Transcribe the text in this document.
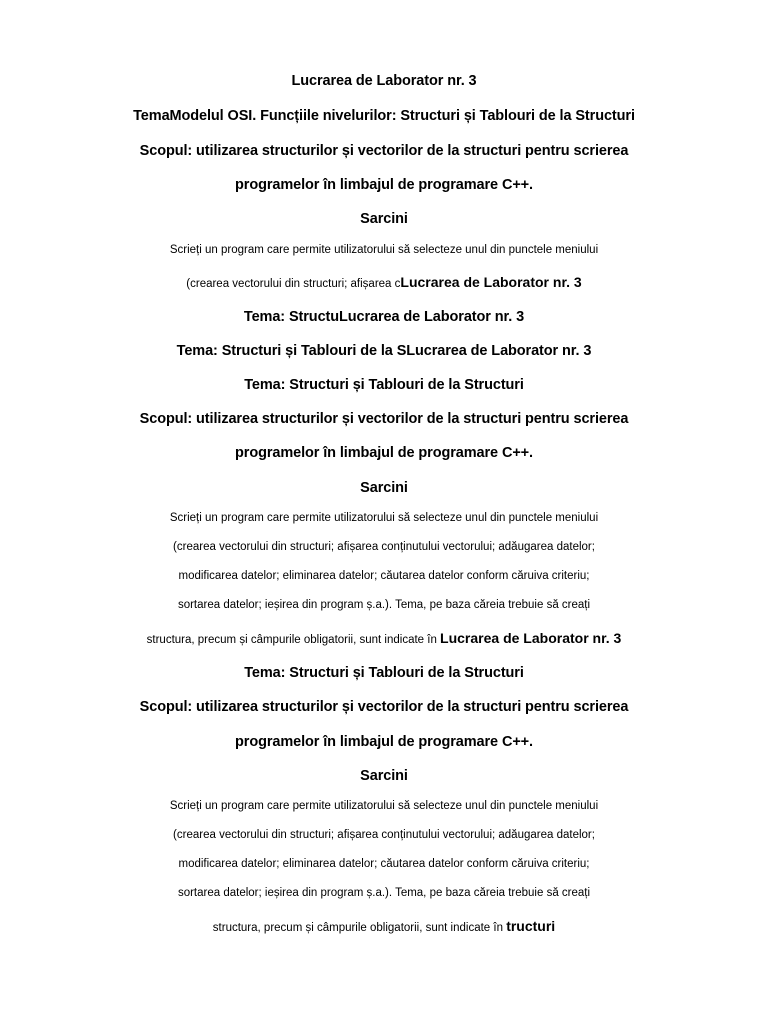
Lucrarea de Laborator nr. 3
TemaModelul OSI. Funcțiile nivelurilor: Structuri și Tablouri de la Structuri
Scopul: utilizarea structurilor și vectorilor de la structuri pentru scrierea
programelor în limbajul de programare C++.
Sarcini
Scrieți un program care permite utilizatorului să selecteze unul din punctele meniului
(crearea vectorului din structuri; afișarea cLucrarea de Laborator nr. 3
Tema: StructuLucrarea de Laborator nr. 3
Tema: Structuri și Tablouri de la SLucrarea de Laborator nr. 3
Tema: Structuri și Tablouri de la Structuri
Scopul: utilizarea structurilor și vectorilor de la structuri pentru scrierea
programelor în limbajul de programare C++.
Sarcini
Scrieți un program care permite utilizatorului să selecteze unul din punctele meniului
(crearea vectorului din structuri; afișarea conținutului vectorului; adăugarea datelor;
modificarea datelor; eliminarea datelor; căutarea datelor conform căruiva criteriu;
sortarea datelor; ieșirea din program ș.a.). Tema, pe baza căreia trebuie să creați
structura, precum și câmpurile obligatorii, sunt indicate în Lucrarea de Laborator nr. 3
Tema: Structuri și Tablouri de la Structuri
Scopul: utilizarea structurilor și vectorilor de la structuri pentru scrierea
programelor în limbajul de programare C++.
Sarcini
Scrieți un program care permite utilizatorului să selecteze unul din punctele meniului
(crearea vectorului din structuri; afișarea conținutului vectorului; adăugarea datelor;
modificarea datelor; eliminarea datelor; căutarea datelor conform căruiva criteriu;
sortarea datelor; ieșirea din program ș.a.). Tema, pe baza căreia trebuie să creați
structura, precum și câmpurile obligatorii, sunt indicate în tructuri
